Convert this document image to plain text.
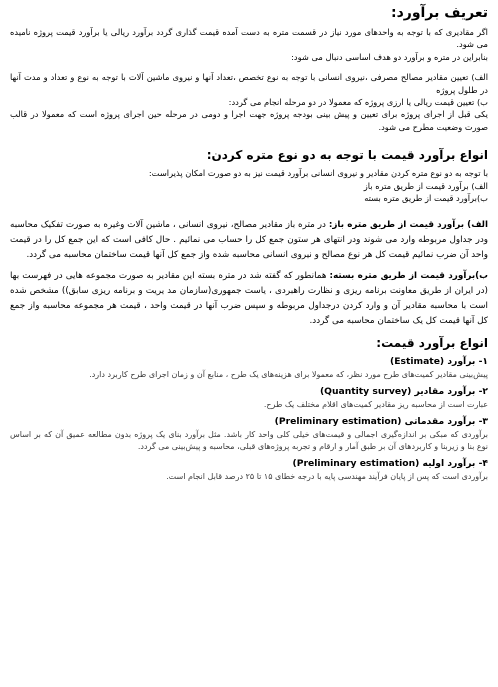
تعریف برآورد:
اگر مقادیری که با توجه به واحدهای مورد نیاز در قسمت متره به دست آمده قیمت گذاری گردد برآورد ریالی یا برآورد قیمت پروژه نامیده می شود.
بنابراین در متره و برآورد دو هدف اساسی دنبال می شود:
الف) تعیین مقادیر مصالح مصرفی ،نیروی انسانی با توجه به نوع تخصص ،تعداد آنها و نیروی ماشین آلات با توجه به نوع و تعداد و مدت آنها در طلول پروژه
ب) تعیین قیمت ریالی یا ارزی پروژه که معمولا در دو مرحله انجام می گردد:
یکی قبل از اجرای پروژه برای تعیین و پیش بینی بودجه پروژه جهت اجرا و دومی در مرحله حین اجرای پروژه است که معمولا در قالب صورت وضعیت مطرح می شود.
انواع برآورد قیمت با توجه به دو نوع متره کردن:
با توجه به دو نوع متره کردن مقادیر و نیروی انسانی برآورد قیمت نیز به دو صورت امکان پذیراست:
الف) برآورد قیمت از طریق متره باز
ب)برآورد قیمت از طریق متره بسته
الف) برآورد قیمت از طریق متره باز: در متره باز مقادیر مصالح، نیروی انسانی ، ماشین آلات وغیره به صورت تفکیک محاسبه ودر جداول مربوطه وارد می شوند ودر انتهای هر ستون جمع کل را حساب می نمائیم . حال کافی است که این جمع کل را در قیمت واحد آن ضرب نمائیم قیمت کل هر نوع مصالح و نیروی انسانی محاسبه شده واز جمع کل آنها قیمت ساختمان محاسبه می گردد.
ب)برآورد قیمت از طریق متره بسته: همانطور که گفته شد در متره بسته این مقادیر به صورت مجموعه هایی در فهرست بها (در ایران از طریق معاونت برنامه ریزی و نظارت راهبردی ، یاست جمهوری(سازمان مد یریت و برنامه ریزی سابق)) مشخص شده است با محاسبه مقادیر آن و وارد کردن درجداول مربوطه و سپس ضرب آنها در قیمت واحد ، قیمت هر مجموعه محاسبه واز جمع کل آنها قیمت کل یک ساختمان محاسبه می گردد.
انواع برآورد قیمت:
۱- برآورد (Estimate)
پیش‌بینی مقادیر کمیت‌های طرح مورد نظر، که معمولا برای هزینه‌های یک طرح ، منابع آن و زمان اجرای طرح کاربرد دارد.
۲- برآورد مقادیر (Quantity survey)
عبارت است از محاسبه ریز مقادیر کمیت‌های اقلام مختلف یک طرح.
۳- برآورد مقدماتی (Preliminary estimation)
برآوردی که مبکی بر اندازه‌گیری اجمالی و قیمت‌های خیلی کلی واحد کار باشد. مثل برآورد بنای یک پروژه بدون مطالعه عمیق آن که بر اساس نوع بنا و زیربنا و کاربردهای آن بر طبق آمار و ارقام و تجربه پروژه‌های قبلی، محاسبه و پیش‌بینی می گردد.
۴- برآورد اولیه (Preliminary estimation)
برآوردی است که پس از پایان فرآیند مهندسی پایه با درجه خطای ۱۵ تا ۲۵ درصد قابل انجام است.
